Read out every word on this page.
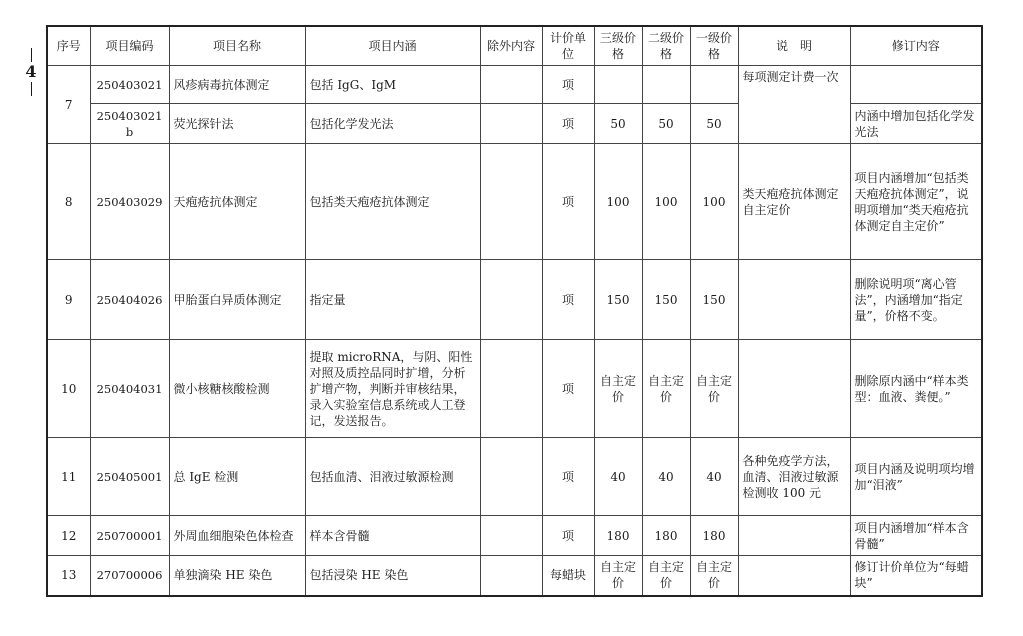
4
序号	项目编码	项目名称	项目内涵	除外内容	计价单位	三级价格	二级价格	一级价格	说　明	修订内容
7	250403021	风疹病毒抗体测定	包括 IgG、IgM		项				每项测定计费一次	
	250403021b	荧光探针法	包括化学发光法		项	50	50	50		内涵中增加包括化学发光法
8	250403029	天疱疮抗体测定	包括类天疱疮抗体测定		项	100	100	100	类天疱疮抗体测定自主定价	项目内涵增加“包括类天疱疮抗体测定”，说明项增加“类天疱疮抗体测定自主定价”
9	250404026	甲胎蛋白异质体测定	指定量		项	150	150	150		删除说明项“离心管法”，内涵增加“指定量”，价格不变。
10	250404031	微小核糖核酸检测	提取 microRNA，与阴、阳性对照及质控品同时扩增，分析扩增产物，判断并审核结果，录入实验室信息系统或人工登记，发送报告。		项	自主定价	自主定价	自主定价		删除原内涵中“样本类型：血液、粪便。”
11	250405001	总 IgE 检测	包括血清、泪液过敏源检测		项	40	40	40	各种免疫学方法，血清、泪液过敏源检测收 100 元	项目内涵及说明项均增加“泪液”
12	250700001	外周血细胞染色体检查	样本含骨髓		项	180	180	180		项目内涵增加“样本含骨髓”
13	270700006	单独滴染 HE 染色	包括浸染 HE 染色		每蜡块	自主定价	自主定价	自主定价		修订计价单位为“每蜡块”
